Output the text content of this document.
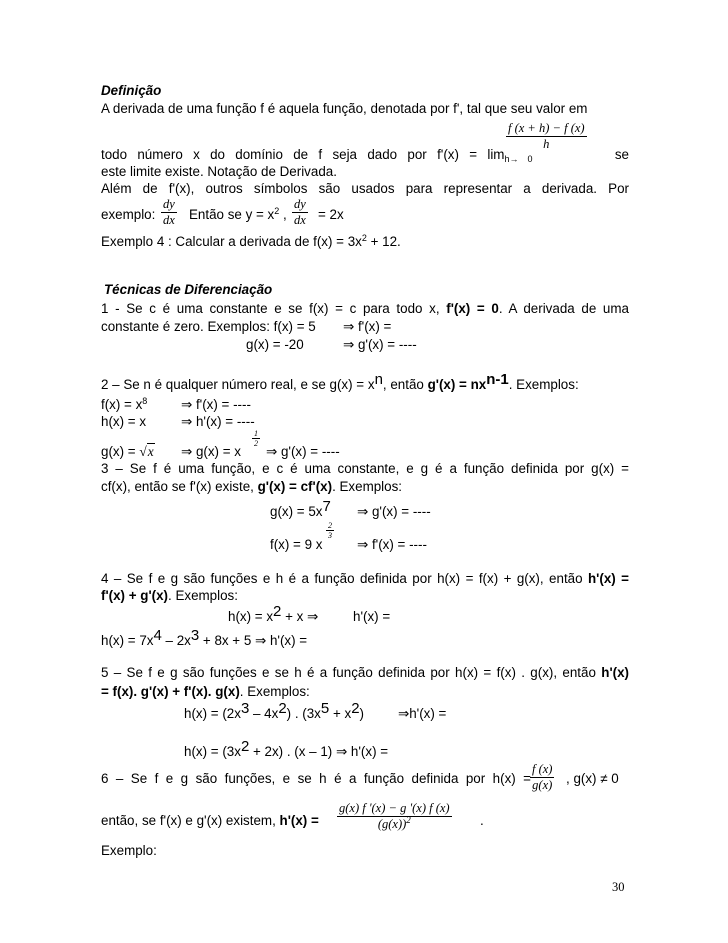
Definição
A derivada de uma função f é aquela função, denotada por f', tal que seu valor em
$\frac{f (x + h) - f (x)}{h}$
todo número x do domínio de f seja dado por $f'(x) = \lim_{h\to 0}$	se
este limite existe. Notação de Derivada.
Além de f'(x), outros símbolos são usados para representar a derivada. Por
exemplo: $\frac{dy}{dx}$ Então se $y = x^2$ , $\frac{dy}{dx} = 2x$
Exemplo 4 : Calcular a derivada de $f(x) = 3x^2 + 12$.
Técnicas de Diferenciação
1 - Se c é uma constante e se f(x) = c para todo x, f'(x) = 0. A derivada de uma
constante é zero. Exemplos: f(x) = 5 ⇒ f'(x) =
g(x) = -20	⇒ g'(x) = ----
2 – Se n é qualquer número real, e se $g(x) = x^n$, então $g'(x) = nx^{n-1}$. Exemplos:
$f(x) = x^8$	⇒ f'(x) = ----
h(x) = x	⇒ h'(x) = ----
g(x) = √x ⇒ g(x) = x
$\frac{1}{2}$
⇒ g'(x) = ----
3 – Se f é uma função, e c é uma constante, e g é a função definida por g(x) =
cf(x), então se f'(x) existe, g'(x) = cf'(x). Exemplos:
$g(x) = 5x^7$ ⇒ g'(x) = ----
f(x) = 9 x
$\frac{2}{3}$
⇒ f'(x) = ----
4 – Se f e g são funções e h é a função definida por h(x) = f(x) + g(x), então h'(x) =
f'(x) + g'(x). Exemplos:
$h(x) = x^2 + x$ ⇒	h'(x) =
$h(x) = 7x^4 - 2x^3 + 8x + 5$ ⇒ h'(x) =
5 – Se f e g são funções e se h é a função definida por h(x) = f(x) . g(x), então h'(x)
= f(x). g'(x) + f'(x). g(x). Exemplos:
$h(x) = (2x^3 - 4x^2)$ . $(3x^5 + x^2)$	⇒h'(x) =
$h(x) = (3x^2 + 2x)$ . (x – 1) ⇒ h'(x) =
6 – Se f e g são funções, e se h é a função definida por $h(x) = \frac{f (x)}{g(x)}$ , g(x) ≠ 0
então, se f'(x) e g'(x) existem, $h'(x) = \frac{g(x) f '(x) - g '(x) f (x)}{(g(x))^2}$ .
Exemplo:
30
